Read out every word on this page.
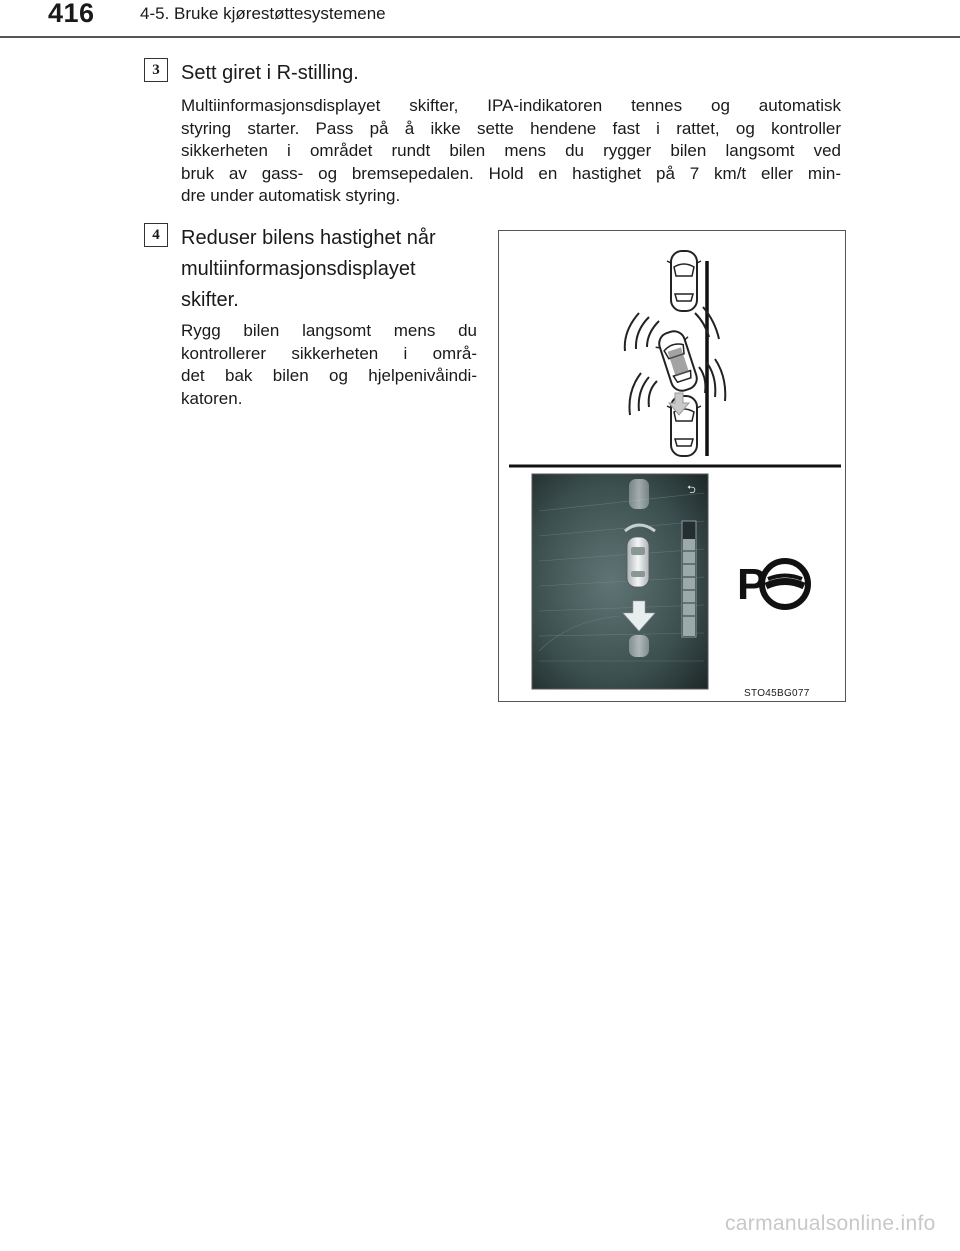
416	4-5. Bruke kjørestøttesystemene
3	Sett giret i R-stilling.
Multiinformasjonsdisplayet skifter, IPA-indikatoren tennes og automatisk
styring starter. Pass på å ikke sette hendene fast i rattet, og kontroller
sikkerheten i området rundt bilen mens du rygger bilen langsomt ved
bruk av gass- og bremsepedalen. Hold en hastighet på 7 km/t eller min-
dre under automatisk styring.
4	Reduser bilens hastighet når
multiinformasjonsdisplayet
skifter.
Rygg bilen langsomt mens du
kontrollerer sikkerheten i områ-
det bak bilen og hjelpenivåindi-
katoren.
⮌
P
STO45BG077
carmanualsonline.info
